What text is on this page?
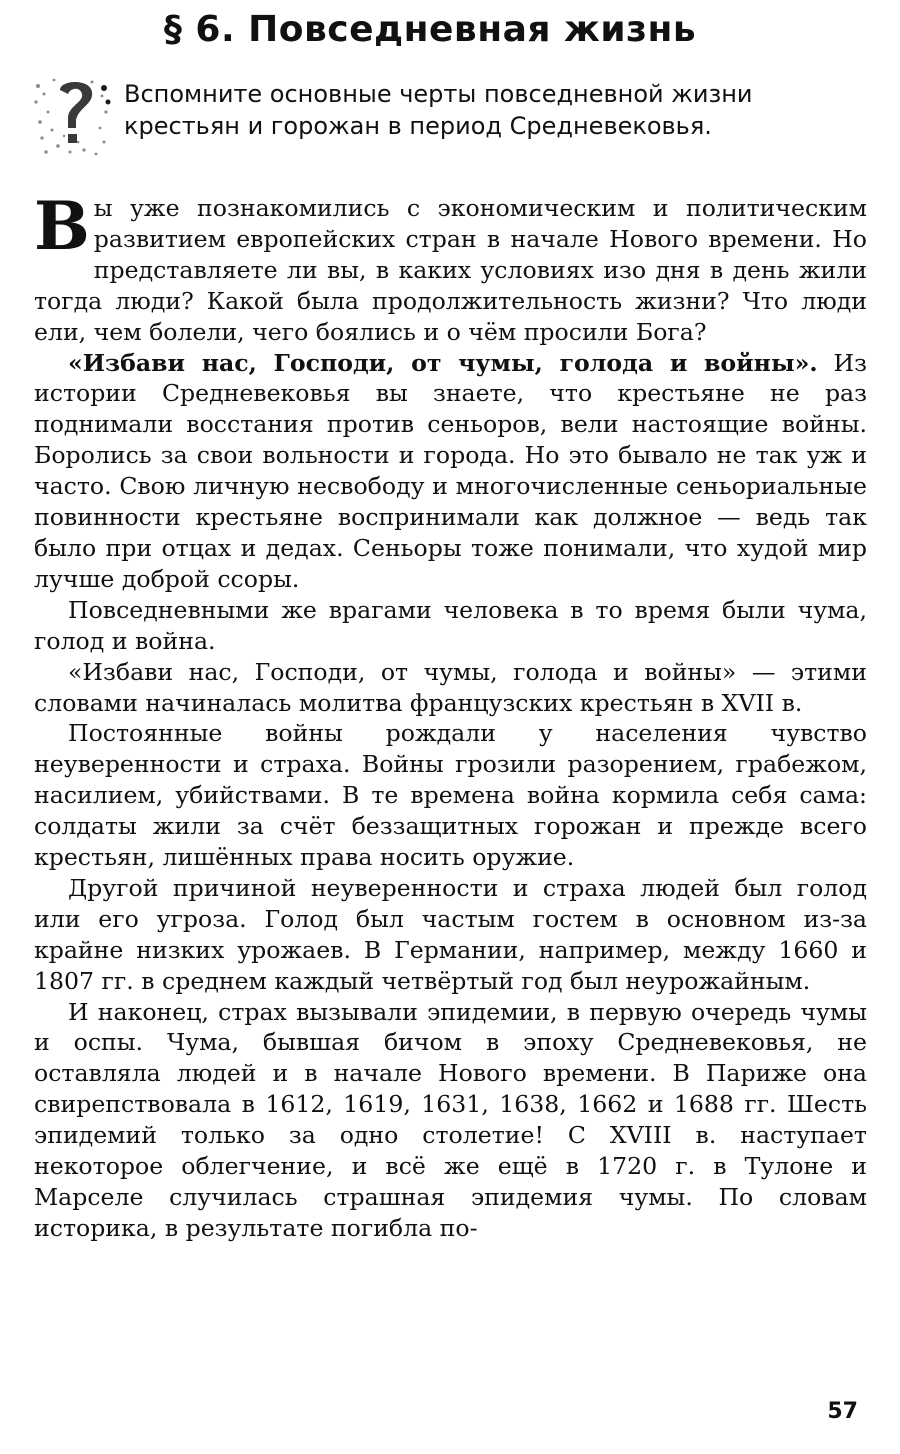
§ 6. Повседневная жизнь

Вспомните основные черты повседневной жизни крестьян и горожан в период Средневековья.

Вы уже познакомились с экономическим и политическим развитием европейских стран в начале Нового времени. Но представляете ли вы, в каких условиях изо дня в день жили тогда люди? Какой была продолжительность жизни? Что люди ели, чем болели, чего боялись и о чём просили Бога?

«Избави нас, Господи, от чумы, голода и войны». Из истории Средневековья вы знаете, что крестьяне не раз поднимали восстания против сеньоров, вели настоящие войны. Боролись за свои вольности и города. Но это бывало не так уж и часто. Свою личную несвободу и многочисленные сеньориальные повинности крестьяне воспринимали как должное — ведь так было при отцах и дедах. Сеньоры тоже понимали, что худой мир лучше доброй ссоры.

Повседневными же врагами человека в то время были чума, голод и война.

«Избави нас, Господи, от чумы, голода и войны» — этими словами начиналась молитва французских крестьян в XVII в.

Постоянные войны рождали у населения чувство неуверенности и страха. Войны грозили разорением, грабежом, насилием, убийствами. В те времена война кормила себя сама: солдаты жили за счёт беззащитных горожан и прежде всего крестьян, лишённых права носить оружие.

Другой причиной неуверенности и страха людей был голод или его угроза. Голод был частым гостем в основном из-за крайне низких урожаев. В Германии, например, между 1660 и 1807 гг. в среднем каждый четвёртый год был неурожайным.

И наконец, страх вызывали эпидемии, в первую очередь чумы и оспы. Чума, бывшая бичом в эпоху Средневековья, не оставляла людей и в начале Нового времени. В Париже она свирепствовала в 1612, 1619, 1631, 1638, 1662 и 1688 гг. Шесть эпидемий только за одно столетие! С XVIII в. наступает некоторое облегчение, и всё же ещё в 1720 г. в Тулоне и Марселе случилась страшная эпидемия чумы. По словам историка, в результате погибла по-

57
